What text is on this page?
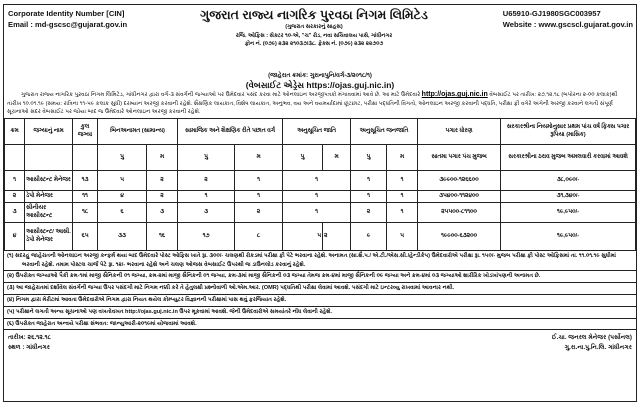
Corporate Identity Number [CIN]
Email : md-gscsc@gujarat.gov.in
U65910-GJ1980SGC003957
Website : www.gscscl.gujarat.gov.in
ગુજરાત રાજ્ય નાગરિક પુરવઠા નિગમ લિમિટેડ
(ગુજરાત સરકારનું સાહસ)
રજિ. ઓફિસ : સેક્ટર ૧૦-એ, "ચ" રોડ, નવા સચિવાલય પાસે, ગાંધીનગર
ફોન નં. (૦૭૯) ૨૩૨ ૨૧૦૩૭/૩૮. ફેક્સ નં. (૦૭૯) ૨૩૨ ૨૨૭૦૭
(જાહેરાત ક્રમાંક: ગુરાનાપુનિ/વર્ગ-૩/૨૦૧૮/૧)
(વેબસાઈટ એડ્રેસ https://ojas.guj.nic.in)

ગુજરાત રાજ્ય નાગરિક પુરવઠા નિગમ લિમિટેડ, ગાંધીનગર દ્વારા વર્ગ-૩ સંવર્ગની જગ્યાઓ પર ઉમેદવાર પસંદ કરવા માટે ઓનલાઇન અરજીપત્રકો મંગાવવામાં આવે છે. આ માટે ઉમેદવારે http://ojas.guj.nic.in વેબસાઈટ પર તારીખ: ૨૭.૧૨.૧૮ (બપોરના ૨-૦૦ કલાક)થી તારીખ ૧૦.૦૧.૧૯ (સમય: રાત્રિના ૧૧-૫૯ કલાક સુધી) દરમ્યાન અરજી કરવાની રહેશે. શૈક્ષણિક લાયકાત, વિશેષ લાયકાત, અનુભવ, વય અને વયમર્યાદામાં છૂટછાટ, પરીક્ષા પદ્ધતિની વિગતો, ઓનલાઇન અરજી કરવાની પદ્ધતિ, પરીક્ષા ફી વગેરે અંગેની અરજી કરવાને લગતી સંપૂર્ણ સૂચનાઓ સદર વેબસાઈટ પર જોયા બાદ જ ઉમેદવારે ઓનલાઇન અરજી કરવાની રહેશે.

ક્રમ	જગ્યાનું નામ	કુલ જગ્યા	બિનઅનામત (સામાન્ય)		સામાજિક અને શૈક્ષણિક રીતે પછાત વર્ગ		અનુસૂચિત જાતિ		અનુસૂચિત જનજાતિ		પગાર ધોરણ	સરકારશ્રીના નિયમોનુસાર પ્રથમ પાંચ વર્ષ ફિક્સ પગાર રૂપિયા (માસિક)
			પુ	મ	પુ	મ	પુ	મ	પુ	મ	સાતમા પગાર પંચ મુજબ	સરકારશ્રીના ઠરાવ મુજબ અમલવારી કરવામાં આવશે
૧	આસીસ્ટન્ટ મેનેજર	૧૩	૫	૨	૨	૧	૧		૧	૧	૩૯૯૦૦-૧૨૬૬૦૦	૩૮,૦૯૦/-
૨	ડેપો મેનેજર	૧૧	૪	૨	૧	૧	૧		૧	૧	૩૫૪૦૦-૧૧૨૪૦૦	૩૧,૩૪૦/-
૩	સીનીયર આસીસ્ટન્ટ	૧૮	૬	૩	૩	૨	૧		૨	૧	૨૫૫૦૦-૮૧૧૦૦	૧૯,૯૫૦/-
૪	આસીસ્ટન્ટ/ આસી. ડેપો મેનેજર	૬૫	૩૩	૧૬	૧૭	૮	૫	૨	૯	૫	૧૯૯૦૦-૬૩૨૦૦	૧૯,૯૫૦/-
(૧) સદરહુ જાહેરાતની ઓનલાઇન અરજી કન્ફર્મ થયા બાદ ઉમેદવારે પોસ્ટ ઓફિસ ખાતે રૂા. ૩૦૦/- ચલણથી રોકડમાં પરીક્ષા ફી પેટે ભરવાના રહેશે. અનામત (સા.શૈ.પ./ એ.ટી./એસ.સી./હેન્ડીકેપ) ઉમેદવારોએ પરીક્ષા રૂા. ૧૫૦/- મુજબ પરીક્ષા ફી પોસ્ટ ઓફિસમાં તા. ૧૧.૦૧.૧૯ સુધીમાં ભરવાની રહેશે. તમામ પોસ્ટલ ચાર્જ પેટે રૂા. ૧૨/- ભરવાના રહેશે અને ચલણ ઓજસ વેબસાઈટ ઉપરથી જ ડાઉનલોડ કરવાનું રહેશે.
(૨) ઉપરોક્ત જગ્યાઓ પૈકી ક્રમ-૧માં માજી સૈનિકની ૦૧ જગ્યા, ક્રમ-૨માં માજી સૈનિકની ૦૧ જગ્યા, ક્રમ-૩માં માજી સૈનિકની ૦૩ જગ્યા તેમજ ક્રમ-૪માં માજી સૈનિકની ૦૯ જગ્યા અને ક્રમ-૪માં ૦૩ જગ્યાઓ શારીરિક ખોડખાંપણની અનામત છે.
(૩) આ જાહેરાતમાં દર્શાવેલ સંવર્ગની જગ્યા ઉપર પસંદગી માટે નિગમ નક્કી કરે તે હેતુલક્ષી પ્રશ્નોવાળી ઓ.એમ.આર. (OMR) પદ્ધતિથી પરીક્ષા લેવામાં આવશે. પસંદગી માટે ઇન્ટરવ્યુ રાખવામાં આવનાર નથી.
(૪) નિગમ દ્વારા મેરીટમાં આવતા ઉમેદવારોએ નિગમ દ્વારા નિયત થયેલ કોમ્પ્યુટર વિજ્ઞાનની પરીક્ષામાં પાસ થવું ફરજિયાત રહેશે.
(૫) પરીક્ષાને લગતી અન્ય સૂચનાઓ પણ વખતોવખત http://ojas.guj.nic.in ઉપર મૂકવામાં આવશે. જેની ઉમેદવારોએ સમયાંતરે નોંધ લેવાની રહેશે.
(૬) ઉપરોક્ત જાહેરાત અન્વયે પરીક્ષા સંભવત: જાન્યુઆરી-૨૦૧૯માં યોજવામાં આવશે.
તારીખ: ૨૬.૧૨.૧૮
સ્થળ : ગાંધીનગર
ઈ.ચા. જનરલ મેનેજર (પર્સોનલ)
ગુ.રા.ના.પુ.નિ.લિ. ગાંધીનગર
